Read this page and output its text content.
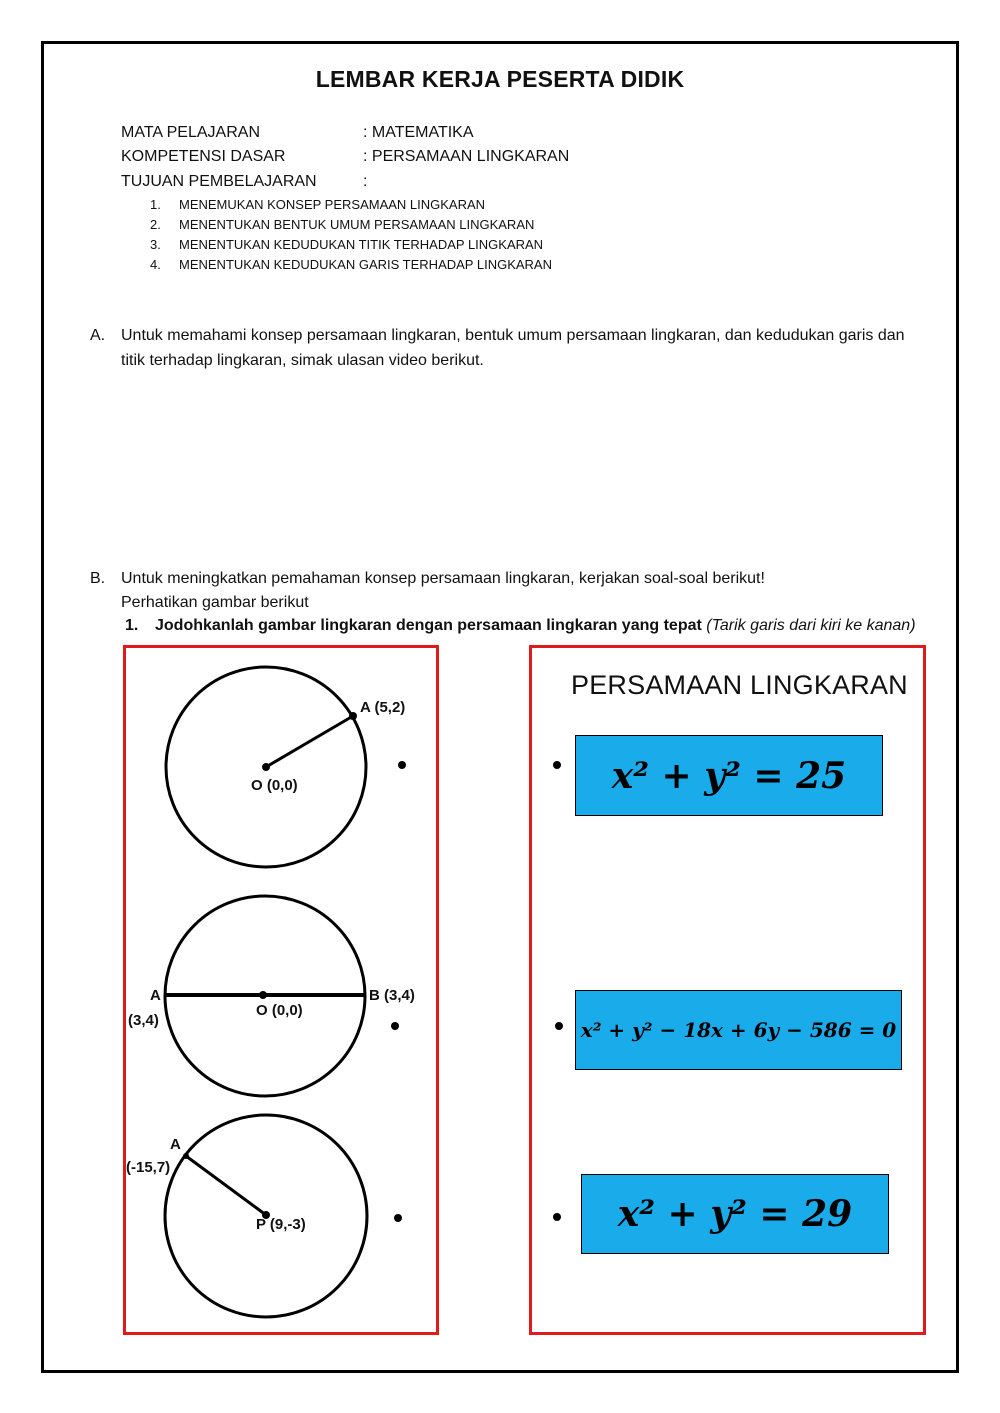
LEMBAR KERJA PESERTA DIDIK
MATA PELAJARAN	: MATEMATIKA
KOMPETENSI DASAR	: PERSAMAAN LINGKARAN
TUJUAN PEMBELAJARAN	:
1. MENEMUKAN KONSEP PERSAMAAN LINGKARAN
2. MENENTUKAN BENTUK UMUM PERSAMAAN LINGKARAN
3. MENENTUKAN KEDUDUKAN TITIK TERHADAP LINGKARAN
4. MENENTUKAN KEDUDUKAN GARIS TERHADAP LINGKARAN
A. Untuk memahami konsep persamaan lingkaran, bentuk umum persamaan lingkaran, dan kedudukan garis dan titik terhadap lingkaran, simak ulasan video berikut.
B. Untuk meningkatkan pemahaman konsep persamaan lingkaran, kerjakan soal-soal berikut!
Perhatikan gambar berikut
1. Jodohkanlah gambar lingkaran dengan persamaan lingkaran yang tepat (Tarik garis dari kiri ke kanan)
O (0,0)
A (5,2)
A
(3,4)
O (0,0)
B (3,4)
A
(-15,7)
P (9,-3)
PERSAMAAN LINGKARAN
x² + y² = 25
x² + y² − 18x + 6y − 586 = 0
x² + y² = 29
